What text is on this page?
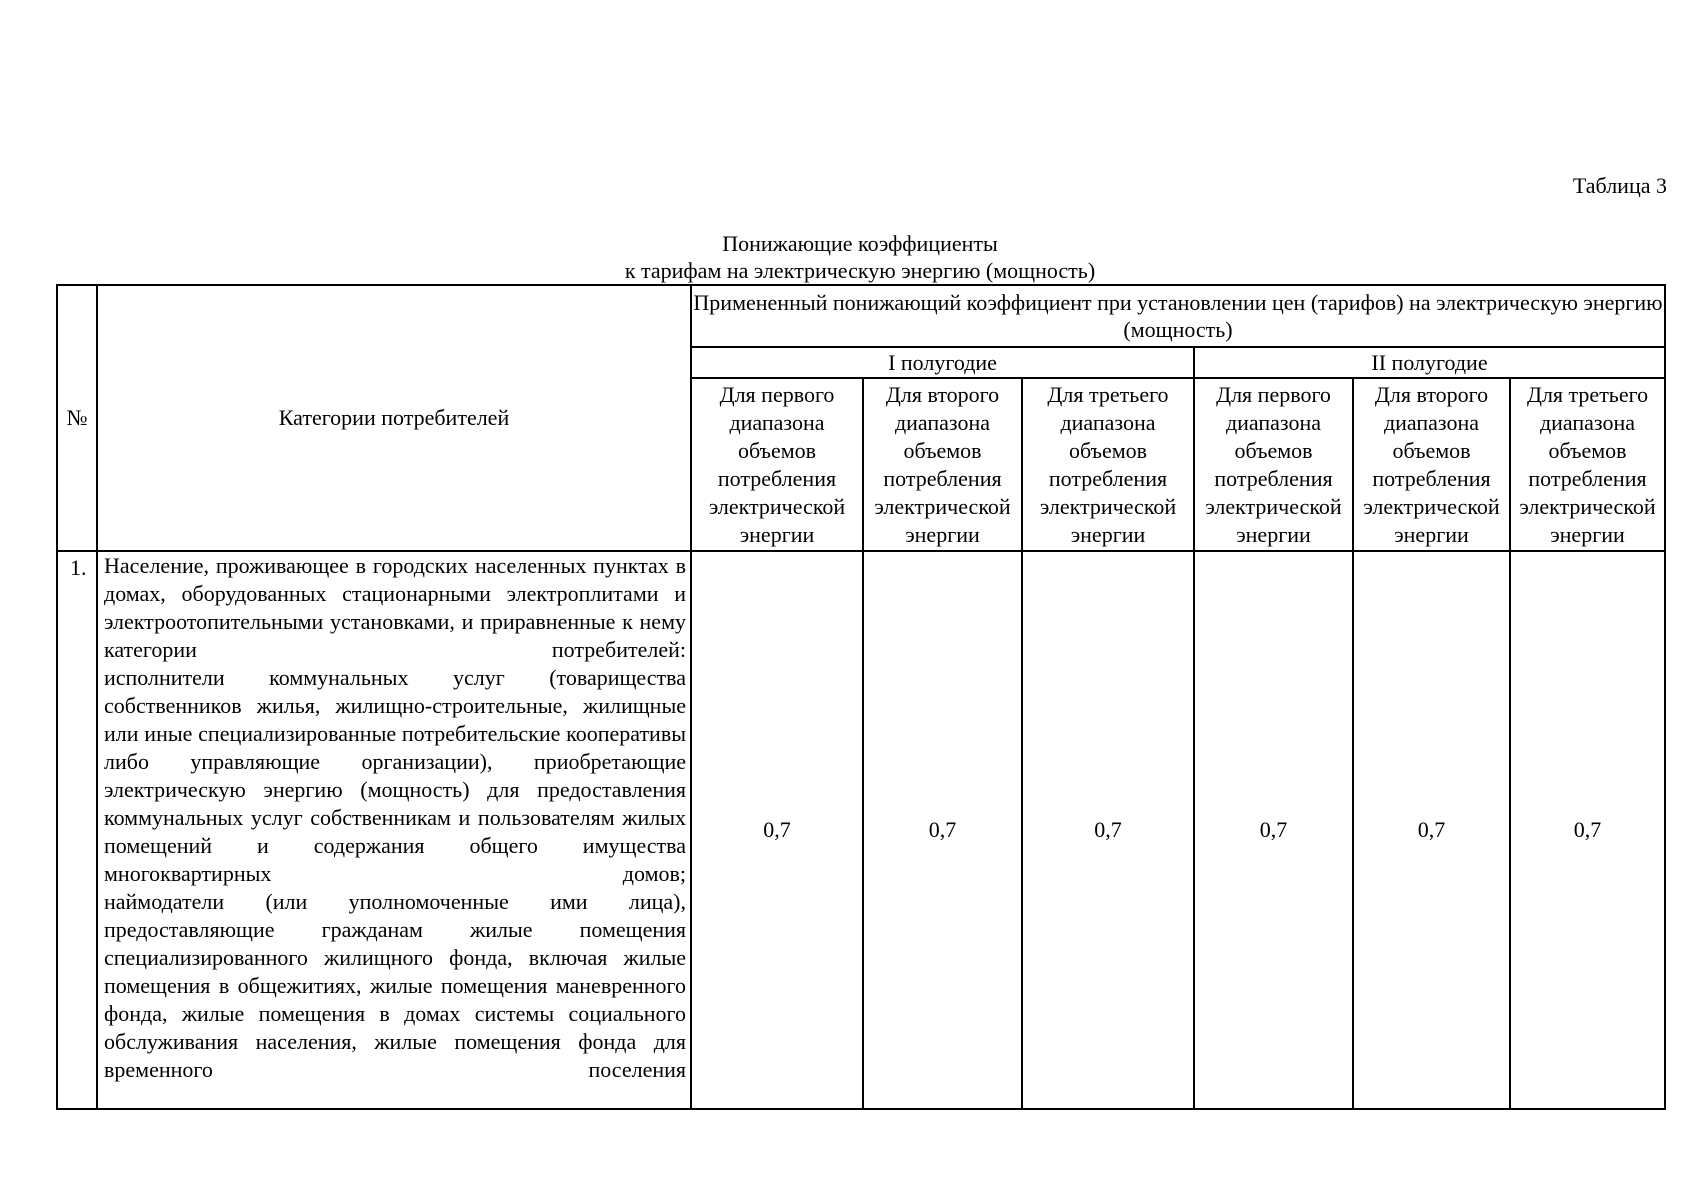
Таблица 3
Понижающие коэффициенты
к тарифам на электрическую энергию (мощность)
№	Категории потребителей	Примененный понижающий коэффициент при установлении цен (тарифов) на электрическую энергию (мощность)					
		I полугодие			II полугодие		
		Для первого диапазона объемов потребления электрической энергии	Для второго диапазона объемов потребления электрической энергии	Для третьего диапазона объемов потребления электрической энергии	Для первого диапазона объемов потребления электрической энергии	Для второго диапазона объемов потребления электрической энергии	Для третьего диапазона объемов потребления электрической энергии
1.	Население, проживающее в городских населенных пунктах в домах, оборудованных стационарными электроплитами и электроотопительными установками, и приравненные к нему категории потребителей:

исполнители коммунальных услуг (товарищества собственников жилья, жилищно-строительные, жилищные или иные специализированные потребительские кооперативы либо управляющие организации), приобретающие электрическую энергию (мощность) для предоставления коммунальных услуг собственникам и пользователям жилых помещений и содержания общего имущества многоквартирных домов;

наймодатели (или уполномоченные ими лица), предоставляющие гражданам жилые помещения специализированного жилищного фонда, включая жилые помещения в общежитиях, жилые помещения маневренного фонда, жилые помещения в домах системы социального обслуживания населения, жилые помещения фонда для временного поселения	0,7	0,7	0,7	0,7	0,7	0,7
